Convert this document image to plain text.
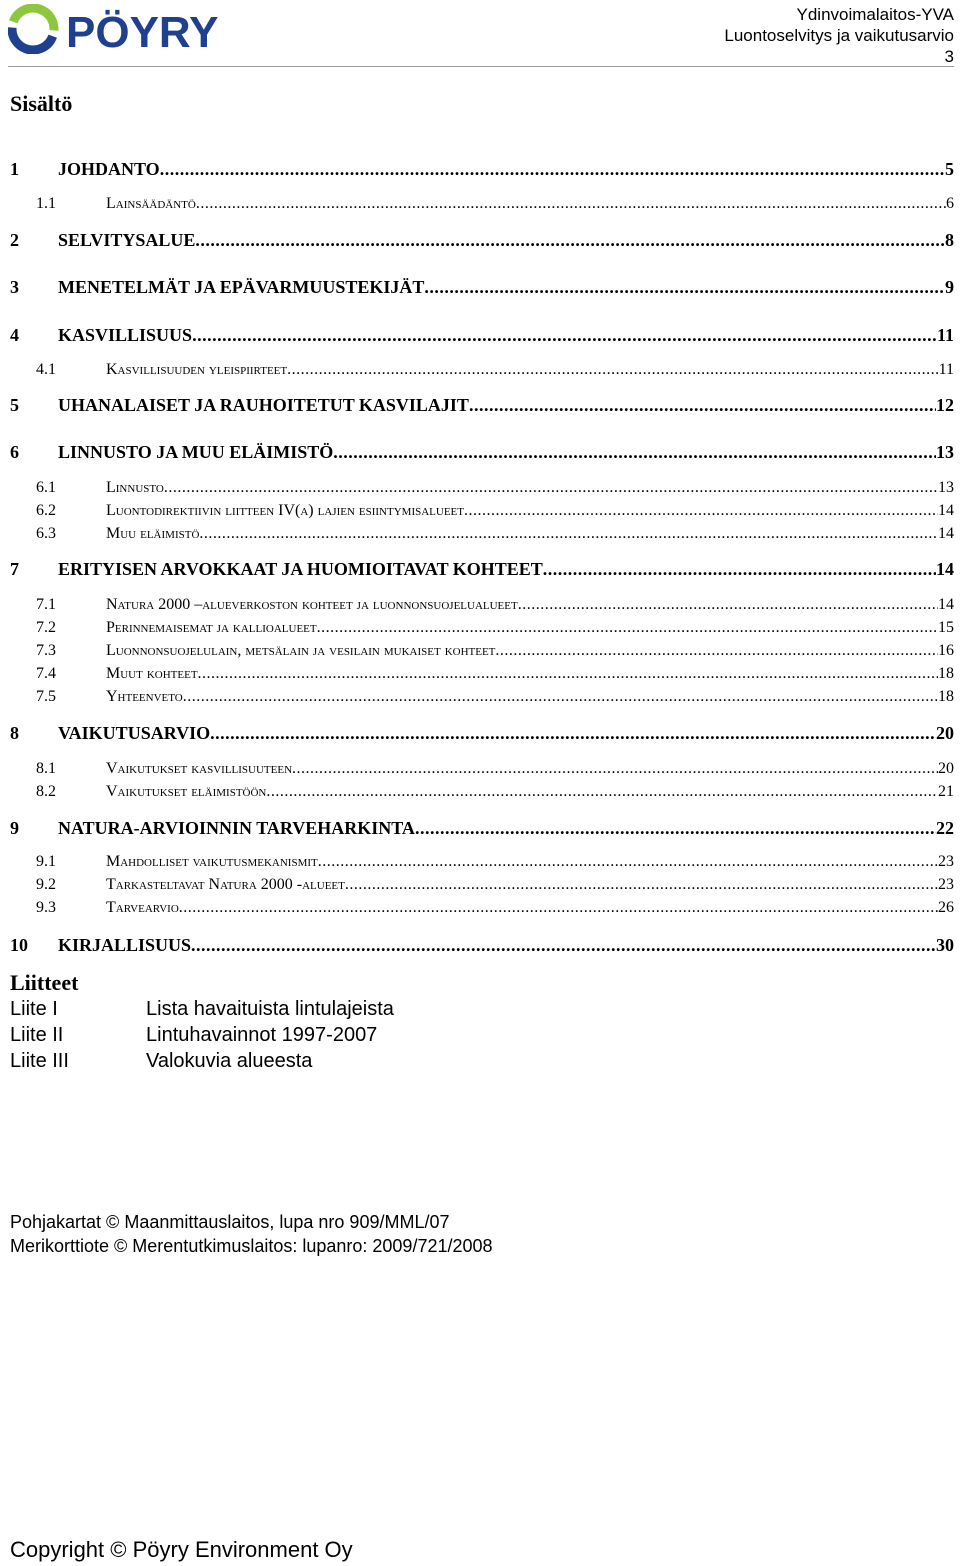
PÖYRY	Ydinvoimalaitos-YVA
Luontoselvitys ja vaikutusarvio
3
Sisältö
1	JOHDANTO .....	5
1.1	Lainsäädäntö .....	6
2	SELVITYSALUE .....	8
3	MENETELMÄT JA EPÄVARMUUSTEKIJÄT .....	9
4	KASVILLISUUS .....	11
4.1	Kasvillisuuden yleispiirteet .....	11
5	UHANALAISET JA RAUHOITETUT KASVILAJIT .....	12
6	LINNUSTO JA MUU ELÄIMISTÖ .....	13
6.1	Linnusto .....	13
6.2	Luontodirektiivin liitteen IV(a) lajien esiintymisalueet .....	14
6.3	Muu eläimistö .....	14
7	ERITYISEN ARVOKKAAT JA HUOMIOITAVAT KOHTEET .....	14
7.1	Natura 2000 –alueverkoston kohteet ja luonnonsuojelualueet .....	14
7.2	Perinnemaisemat ja kallioalueet .....	15
7.3	Luonnonsuojelulain, metsälain ja vesilain mukaiset kohteet .....	16
7.4	Muut kohteet .....	18
7.5	Yhteenveto .....	18
8	VAIKUTUSARVIO .....	20
8.1	Vaikutukset kasvillisuuteen .....	20
8.2	Vaikutukset eläimistöön .....	21
9	NATURA-ARVIOINNIN TARVEHARKINTA .....	22
9.1	Mahdolliset vaikutusmekanismit .....	23
9.2	Tarkasteltavat Natura 2000 -alueet .....	23
9.3	Tarvearvio .....	26
10	KIRJALLISUUS .....	30
Liitteet
Liite I	Lista havaituista lintulajeista
Liite II	Lintuhavainnot 1997-2007
Liite III	Valokuvia alueesta
Pohjakartat © Maanmittauslaitos, lupa nro 909/MML/07
Merikorttiote © Merentutkimuslaitos: lupanro: 2009/721/2008
Copyright © Pöyry Environment Oy
